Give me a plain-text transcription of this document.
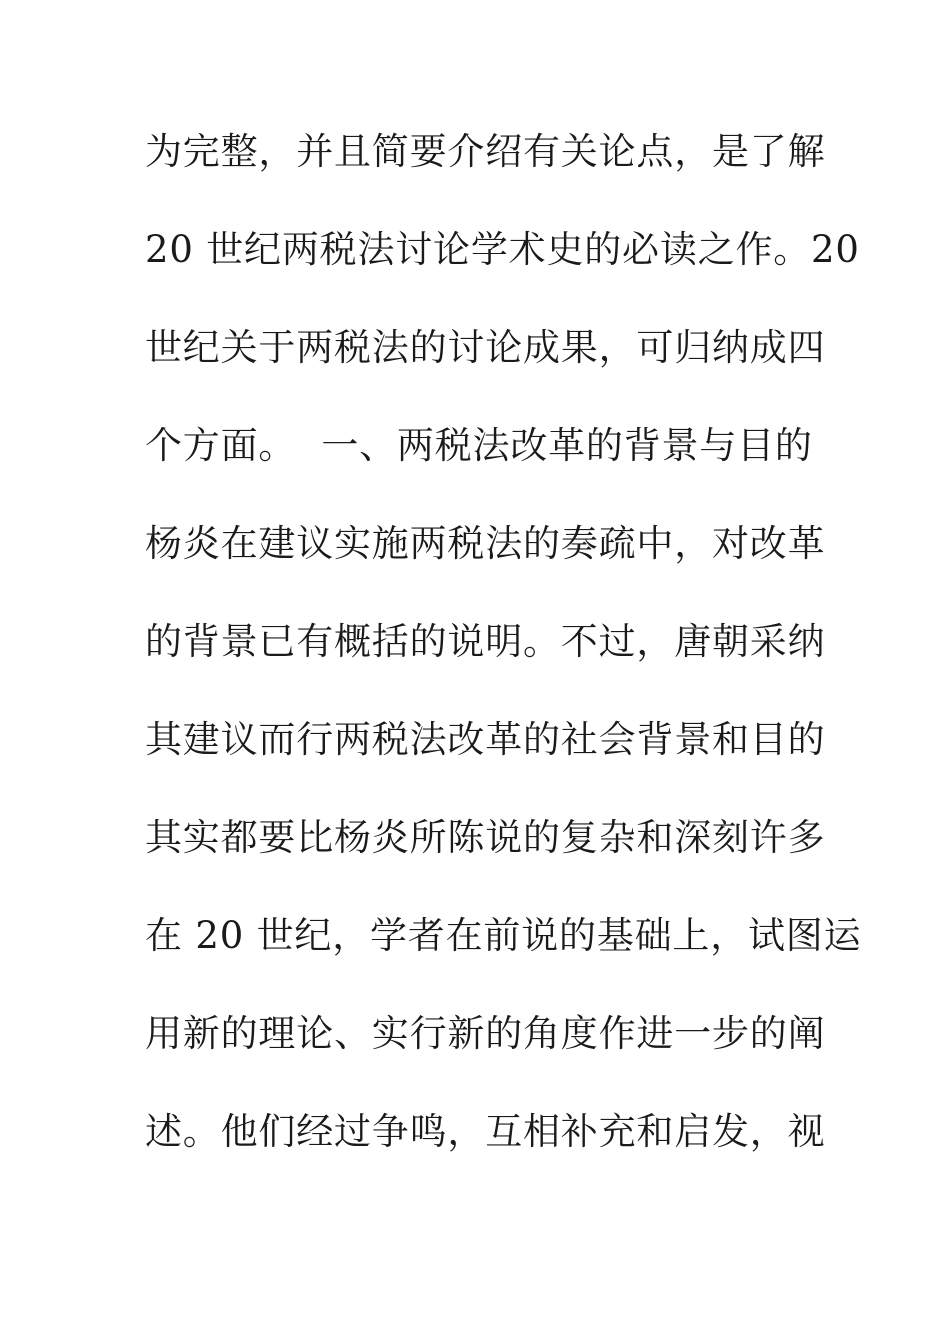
为完整，并且简要介绍有关论点，是了解
20 世纪两税法讨论学术史的必读之作。20
世纪关于两税法的讨论成果，可归纳成四
个方面。  一、两税法改革的背景与目的
杨炎在建议实施两税法的奏疏中，对改革
的背景已有概括的说明。不过，唐朝采纳
其建议而行两税法改革的社会背景和目的
其实都要比杨炎所陈说的复杂和深刻许多
在 20 世纪，学者在前说的基础上，试图运
用新的理论、实行新的角度作进一步的阐
述。他们经过争鸣，互相补充和启发，视
